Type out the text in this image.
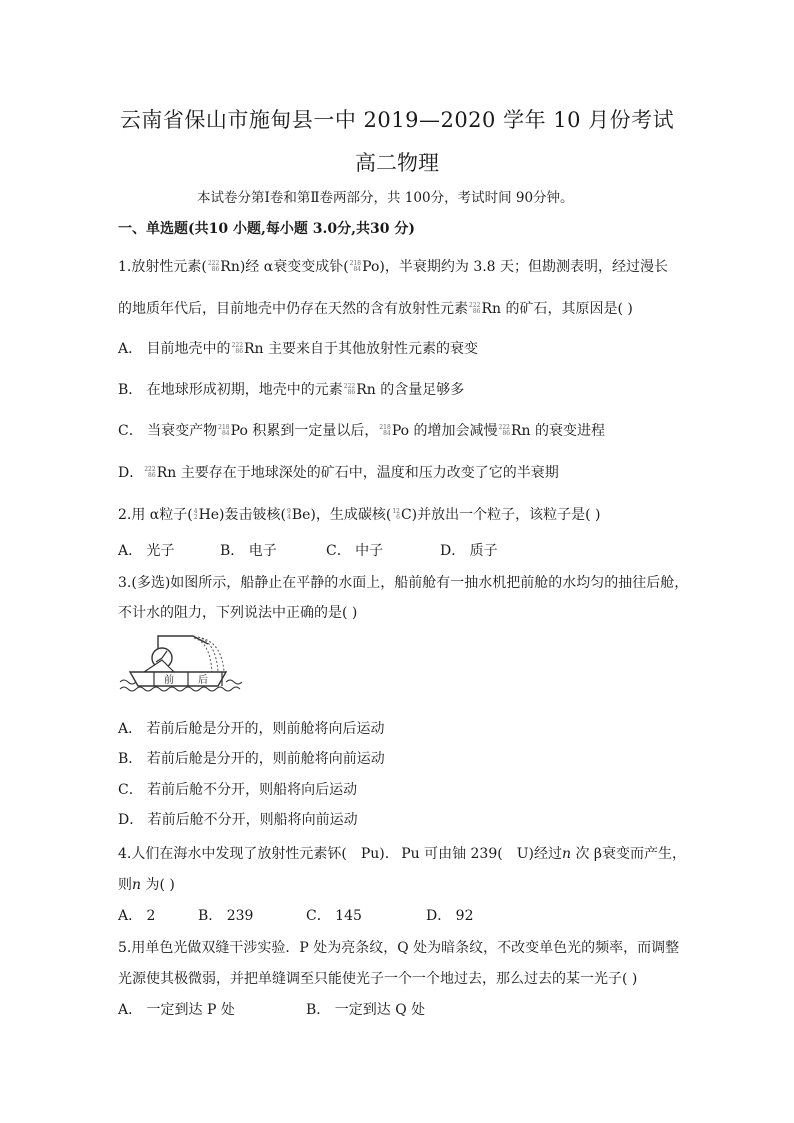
云南省保山市施甸县一中 2019—2020 学年 10 月份考试
高二物理
本试卷分第Ⅰ卷和第Ⅱ卷两部分，共 100分，考试时间 90分钟。
一、单选题(共10 小题,每小题 3.0分,共30 分)
1.放射性元素( 222
86 Rn)经 α衰变变成钋( 218
84 Po)，半衰期约为 3.8 天；但勘测表明，经过漫长
的地质年代后，目前地壳中仍存在天然的含有放射性元素 222
86 Rn 的矿石，其原因是( )
A． 目前地壳中的 222
86 Rn 主要来自于其他放射性元素的衰变
B． 在地球形成初期，地壳中的元素 222
86 Rn 的含量足够多
C． 当衰变产物 218
84 Po 积累到一定量以后， 218
84 Po 的增加会减慢 222
86 Rn 的衰变进程
D． 222
86 Rn 主要存在于地球深处的矿石中，温度和压力改变了它的半衰期
2.用 α粒子( 4
2 He)轰击铍核( 9
4 Be)，生成碳核( 12
6 C)并放出一个粒子，该粒子是( )
A． 光子	B． 电子	C． 中子	D． 质子
3.(多选)如图所示，船静止在平静的水面上，船前舱有一抽水机把前舱的水均匀的抽往后舱，
不计水的阻力，下列说法中正确的是( )
前 后
A． 若前后舱是分开的，则前舱将向后运动
B． 若前后舱是分开的，则前舱将向前运动
C． 若前后舱不分开，则船将向后运动
D． 若前后舱不分开，则船将向前运动
4.人们在海水中发现了放射性元素钚( Pu). Pu 可由铀 239( U)经过n 次 β衰变而产生，
则n 为( )
A． 2	B． 239	C． 145	D． 92
5.用单色光做双缝干涉实验．P 处为亮条纹，Q 处为暗条纹，不改变单色光的频率，而调整
光源使其极微弱，并把单缝调至只能使光子一个一个地过去，那么过去的某一光子( )
A． 一定到达 P 处	B． 一定到达 Q 处
